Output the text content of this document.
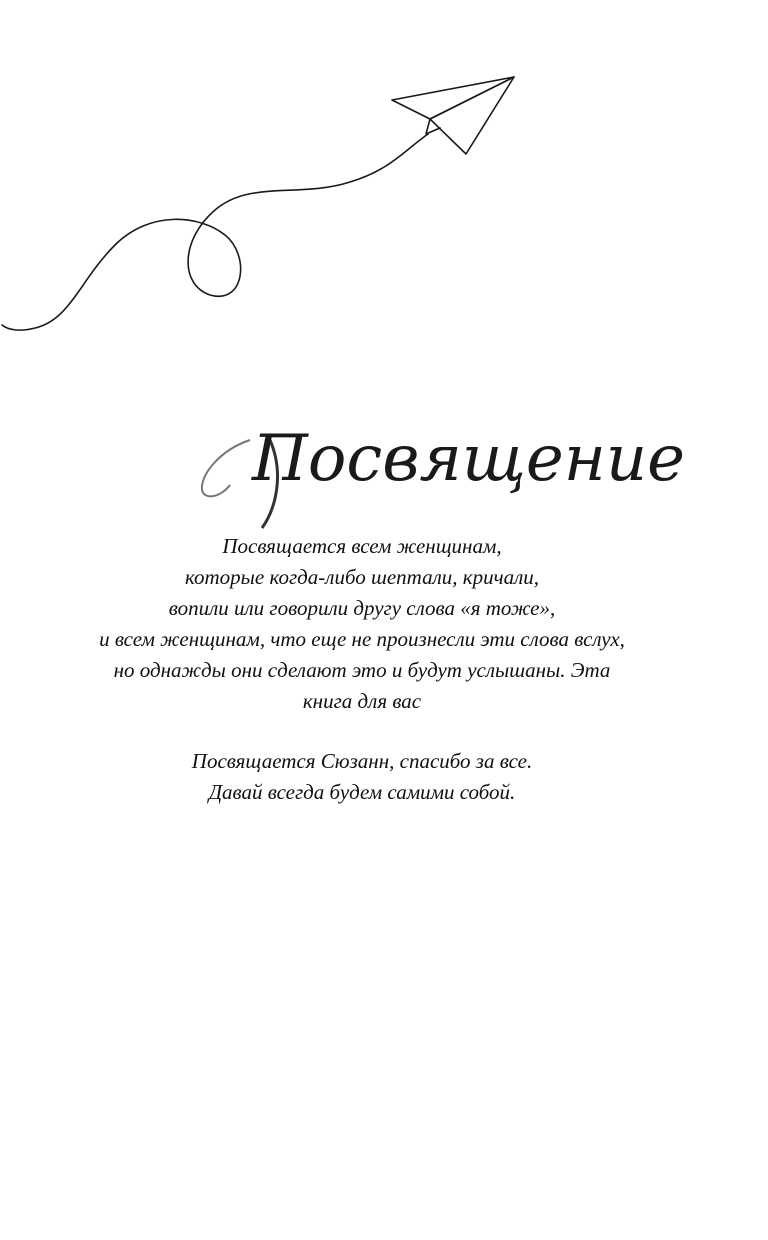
Посвящение
Посвящается всем женщинам,
которые когда-либо шептали, кричали,
вопили или говорили другу слова «я тоже»,
и всем женщинам, что еще не произнесли эти слова вслух,
но однажды они сделают это и будут услышаны. Эта
книга для вас
Посвящается Сюзанн, спасибо за все.
Давай всегда будем самими собой.
